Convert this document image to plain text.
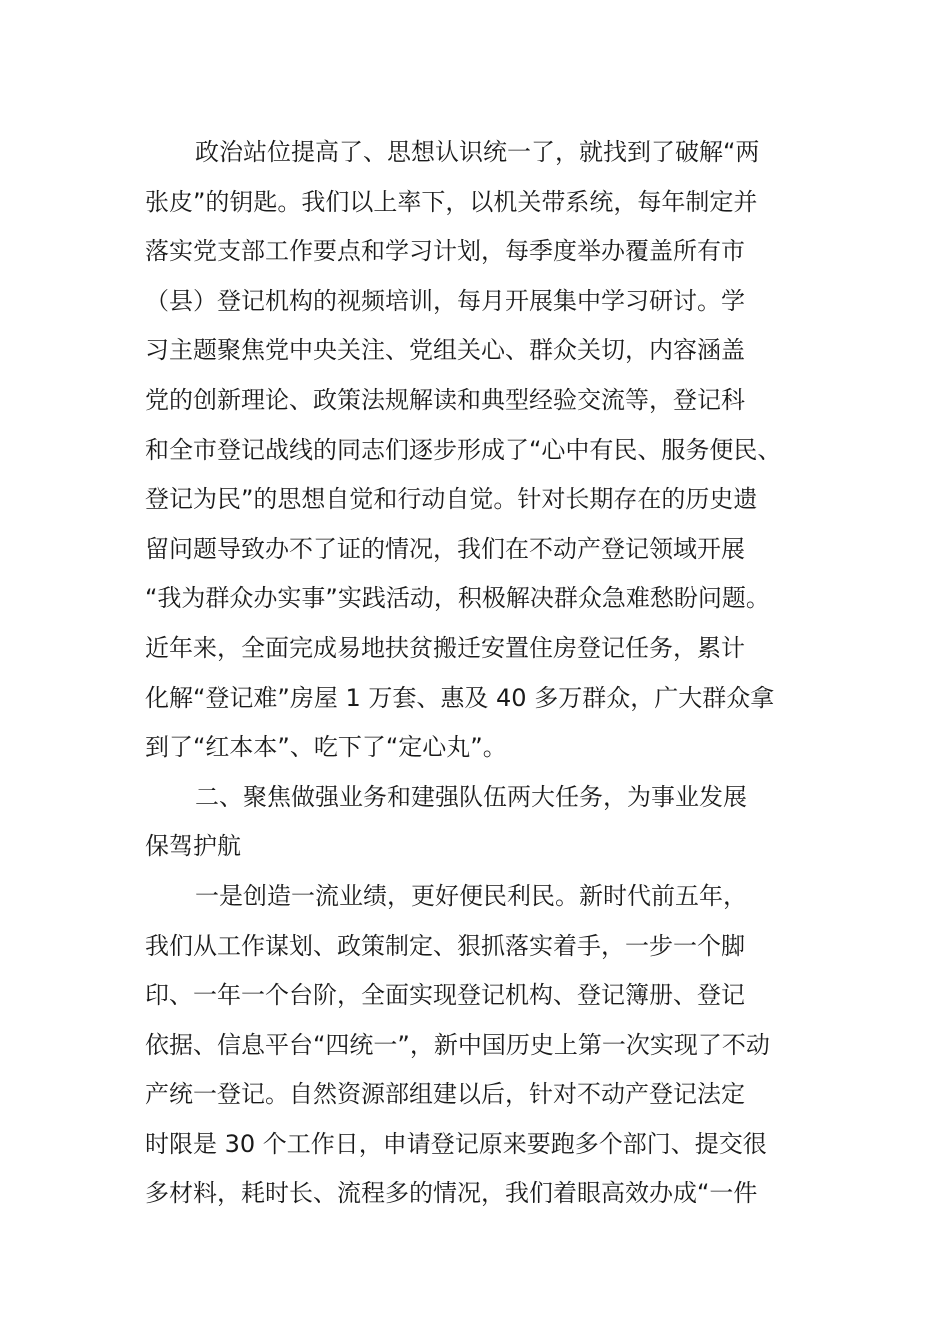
政治站位提高了、思想认识统一了，就找到了破解“两
张皮”的钥匙。我们以上率下，以机关带系统，每年制定并
落实党支部工作要点和学习计划，每季度举办覆盖所有市
（县）登记机构的视频培训，每月开展集中学习研讨。学
习主题聚焦党中央关注、党组关心、群众关切，内容涵盖
党的创新理论、政策法规解读和典型经验交流等，登记科
和全市登记战线的同志们逐步形成了“心中有民、服务便民、
登记为民”的思想自觉和行动自觉。针对长期存在的历史遗
留问题导致办不了证的情况，我们在不动产登记领域开展
“我为群众办实事”实践活动，积极解决群众急难愁盼问题。
近年来，全面完成易地扶贫搬迁安置住房登记任务，累计
化解“登记难”房屋 1 万套、惠及 40 多万群众，广大群众拿
到了“红本本”、吃下了“定心丸”。
二、聚焦做强业务和建强队伍两大任务，为事业发展
保驾护航
一是创造一流业绩，更好便民利民。新时代前五年，
我们从工作谋划、政策制定、狠抓落实着手，一步一个脚
印、一年一个台阶，全面实现登记机构、登记簿册、登记
依据、信息平台“四统一”，新中国历史上第一次实现了不动
产统一登记。自然资源部组建以后，针对不动产登记法定
时限是 30 个工作日，申请登记原来要跑多个部门、提交很
多材料，耗时长、流程多的情况，我们着眼高效办成“一件
